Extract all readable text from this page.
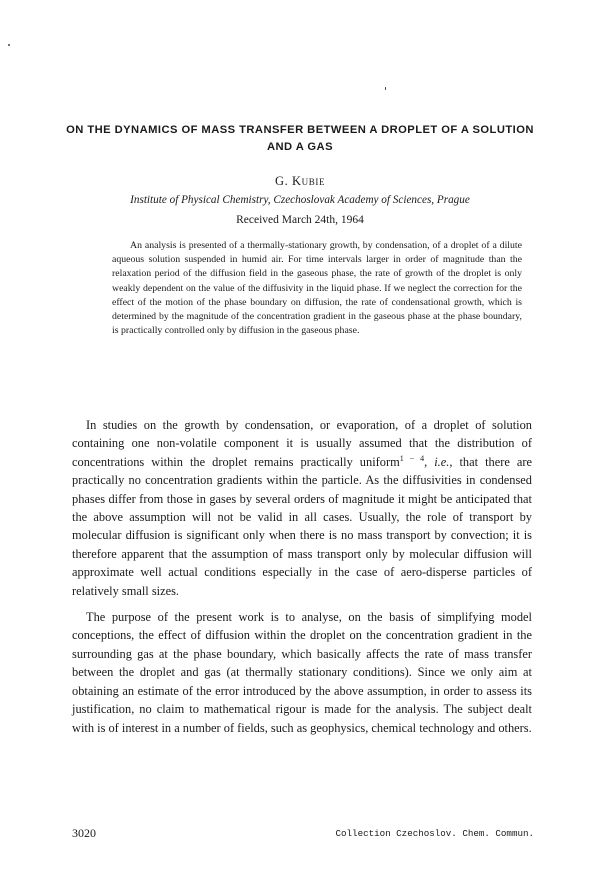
ON THE DYNAMICS OF MASS TRANSFER BETWEEN A DROPLET OF A SOLUTION AND A GAS
G. Kubie
Institute of Physical Chemistry, Czechoslovak Academy of Sciences, Prague
Received March 24th, 1964

An analysis is presented of a thermally-stationary growth, by condensation, of a droplet of a dilute aqueous solution suspended in humid air. For time intervals larger in order of magnitude than the relaxation period of the diffusion field in the gaseous phase, the rate of growth of the droplet is only weakly dependent on the value of the diffusivity in the liquid phase. If we neglect the correction for the effect of the motion of the phase boundary on diffusion, the rate of condensational growth, which is determined by the magnitude of the concentration gradient in the gaseous phase at the phase boundary, is practically controlled only by diffusion in the gaseous phase.

In studies on the growth by condensation, or evaporation, of a droplet of solution containing one non-volatile component it is usually assumed that the distribution of concentrations within the droplet remains practically uniform$^{1 - 4}$, i.e., that there are practically no concentration gradients within the particle. As the diffusivities in condensed phases differ from those in gases by several orders of magnitude it might be anticipated that the above assumption will not be valid in all cases. Usually, the role of transport by molecular diffusion is significant only when there is no mass transport by convection; it is therefore apparent that the assumption of mass transport only by molecular diffusion will approximate well actual conditions especially in the case of aero-disperse particles of relatively small sizes.

The purpose of the present work is to analyse, on the basis of simplifying model conceptions, the effect of diffusion within the droplet on the concentration gradient in the surrounding gas at the phase boundary, which basically affects the rate of mass transfer between the droplet and gas (at thermally stationary conditions). Since we only aim at obtaining an estimate of the error introduced by the above assumption, in order to assess its justification, no claim to mathematical rigour is made for the analysis. The subject dealt with is of interest in a number of fields, such as geophysics, chemical technology and others.

3020	Collection Czechoslov. Chem. Commun.
